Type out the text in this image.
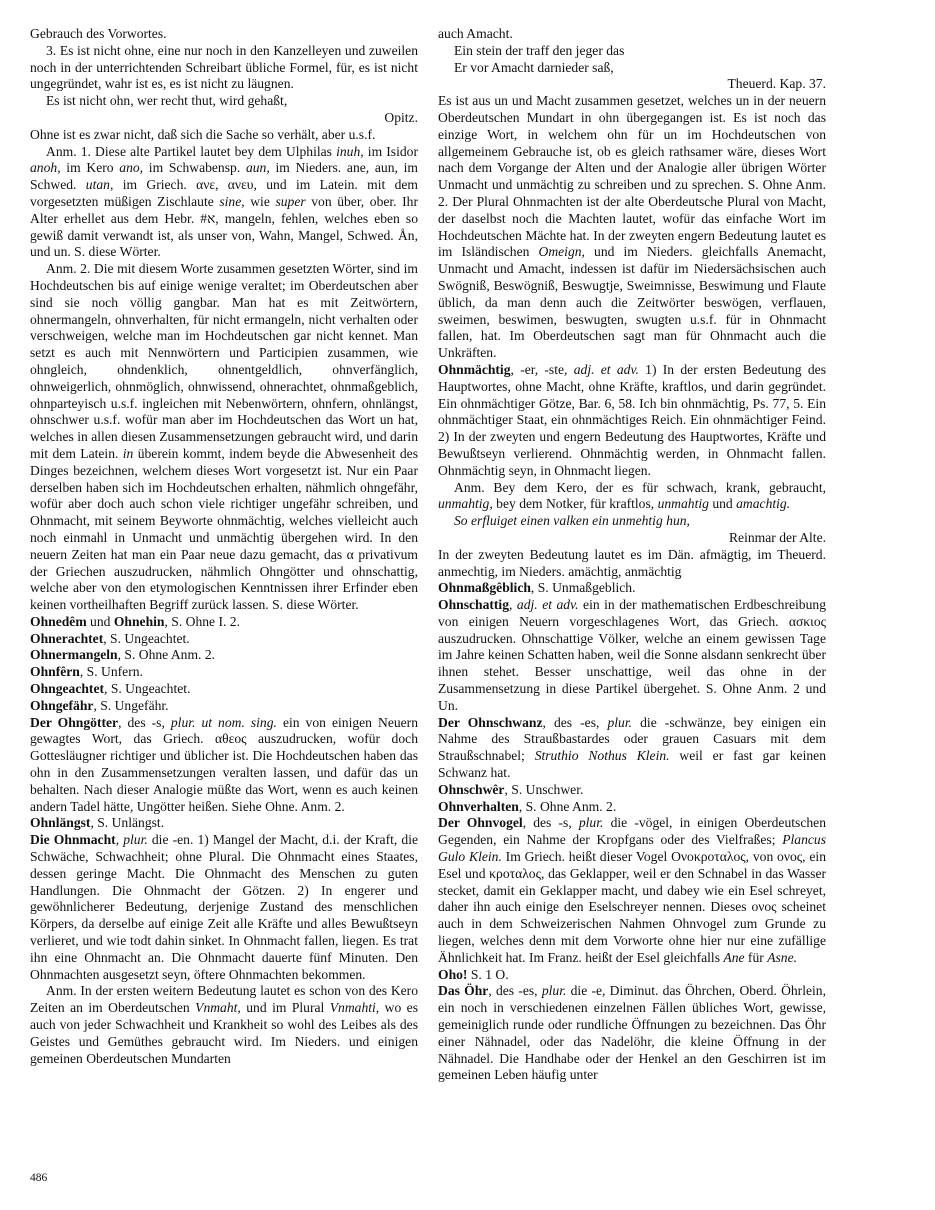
Gebrauch des Vorwortes.

3. Es ist nicht ohne, eine nur noch in den Kanzelleyen und zuweilen noch in der unterrichtenden Schreibart übliche Formel, für, es ist nicht ungegründet, wahr ist es, es ist nicht zu läugnen.

Es ist nicht ohn, wer recht thut, wird gehaßt,

Opitz.

Ohne ist es zwar nicht, daß sich die Sache so verhält, aber u.s.f.

Anm. 1. Diese alte Partikel lautet bey dem Ulphilas inuh, im Isidor anoh, im Kero ano, im Schwabensp. aun, im Nieders. ane, aun, im Schwed. utan, im Griech. ανε, ανευ, und im Latein. mit dem vorgesetzten müßigen Zischlaute sine, wie super von über, ober. Ihr Alter erhellet aus dem Hebr. ‎א#‏, mangeln, fehlen, welches eben so gewiß damit verwandt ist, als unser von, Wahn, Mangel, Schwed. Ån, und un. S. diese Wörter.

Anm. 2. Die mit diesem Worte zusammen gesetzten Wörter, sind im Hochdeutschen bis auf einige wenige veraltet; im Oberdeutschen aber sind sie noch völlig gangbar. Man hat es mit Zeitwörtern, ohnermangeln, ohnverhalten, für nicht ermangeln, nicht verhalten oder verschweigen, welche man im Hochdeutschen gar nicht kennet. Man setzt es auch mit Nennwörtern und Participien zusammen, wie ohngleich, ohndenklich, ohnentgeldlich, ohnverfänglich, ohnweigerlich, ohnmöglich, ohnwissend, ohnerachtet, ohnmaßgeblich, ohnparteyisch u.s.f. ingleichen mit Nebenwörtern, ohnfern, ohnlängst, ohnschwer u.s.f. wofür man aber im Hochdeutschen das Wort un hat, welches in allen diesen Zusammensetzungen gebraucht wird, und darin mit dem Latein. in überein kommt, indem beyde die Abwesenheit des Dinges bezeichnen, welchem dieses Wort vorgesetzt ist. Nur ein Paar derselben haben sich im Hochdeutschen erhalten, nähmlich ohngefähr, wofür aber doch auch schon viele richtiger ungefähr schreiben, und Ohnmacht, mit seinem Beyworte ohnmächtig, welches vielleicht auch noch einmahl in Unmacht und unmächtig übergehen wird. In den neuern Zeiten hat man ein Paar neue dazu gemacht, das α privativum der Griechen auszudrucken, nähmlich Ohngötter und ohnschattig, welche aber von den etymologischen Kenntnissen ihrer Erfinder eben keinen vortheilhaften Begriff zurück lassen. S. diese Wörter.

Ohnedêm und Ohnehin, S. Ohne I. 2.

Ohnerachtet, S. Ungeachtet.

Ohnermangeln, S. Ohne Anm. 2.

Ohnfêrn, S. Unfern.

Ohngeachtet, S. Ungeachtet.

Ohngefähr, S. Ungefähr.

Der Ohngötter, des -s, plur. ut nom. sing. ein von einigen Neuern gewagtes Wort, das Griech. αθεος auszudrucken, wofür doch Gottesläugner richtiger und üblicher ist. Die Hochdeutschen haben das ohn in den Zusammensetzungen veralten lassen, und dafür das un behalten. Nach dieser Analogie müßte das Wort, wenn es auch keinen andern Tadel hätte, Ungötter heißen. Siehe Ohne. Anm. 2.

Ohnlängst, S. Unlängst.

Die Ohnmacht, plur. die -en. 1) Mangel der Macht, d.i. der Kraft, die Schwäche, Schwachheit; ohne Plural. Die Ohnmacht eines Staates, dessen geringe Macht. Die Ohnmacht des Menschen zu guten Handlungen. Die Ohnmacht der Götzen. 2) In engerer und gewöhnlicherer Bedeutung, derjenige Zustand des menschlichen Körpers, da derselbe auf einige Zeit alle Kräfte und alles Bewußtseyn verlieret, und wie todt dahin sinket. In Ohnmacht fallen, liegen. Es trat ihn eine Ohnmacht an. Die Ohnmacht dauerte fünf Minuten. Den Ohnmachten ausgesetzt seyn, öftere Ohnmachten bekommen.

Anm. In der ersten weitern Bedeutung lautet es schon von des Kero Zeiten an im Oberdeutschen Vnmaht, und im Plural Vnmahti, wo es auch von jeder Schwachheit und Krankheit so wohl des Leibes als des Geistes und Gemüthes gebraucht wird. Im Nieders. und einigen gemeinen Oberdeutschen Mundarten

auch Amacht.

Ein stein der traff den jeger das

Er vor Amacht darnieder saß,

Theuerd. Kap. 37.

Es ist aus un und Macht zusammen gesetzet, welches un in der neuern Oberdeutschen Mundart in ohn übergegangen ist. Es ist noch das einzige Wort, in welchem ohn für un im Hochdeutschen von allgemeinem Gebrauche ist, ob es gleich rathsamer wäre, dieses Wort nach dem Vorgange der Alten und der Analogie aller übrigen Wörter Unmacht und unmächtig zu schreiben und zu sprechen. S. Ohne Anm. 2. Der Plural Ohnmachten ist der alte Oberdeutsche Plural von Macht, der daselbst noch die Machten lautet, wofür das einfache Wort im Hochdeutschen Mächte hat. In der zweyten engern Bedeutung lautet es im Isländischen Omeign, und im Nieders. gleichfalls Anemacht, Unmacht und Amacht, indessen ist dafür im Niedersächsischen auch Swögniß, Beswögniß, Beswugtje, Sweimnisse, Beswimung und Flaute üblich, da man denn auch die Zeitwörter beswögen, verflauen, sweimen, beswimen, beswugten, swugten u.s.f. für in Ohnmacht fallen, hat. Im Oberdeutschen sagt man für Ohnmacht auch die Unkräften.

Ohnmächtig, -er, -ste, adj. et adv. 1) In der ersten Bedeutung des Hauptwortes, ohne Macht, ohne Kräfte, kraftlos, und darin gegründet. Ein ohnmächtiger Götze, Bar. 6, 58. Ich bin ohnmächtig, Ps. 77, 5. Ein ohnmächtiger Staat, ein ohnmächtiges Reich. Ein ohnmächtiger Feind. 2) In der zweyten und engern Bedeutung des Hauptwortes, Kräfte und Bewußtseyn verlierend. Ohnmächtig werden, in Ohnmacht fallen. Ohnmächtig seyn, in Ohnmacht liegen.

Anm. Bey dem Kero, der es für schwach, krank, gebraucht, unmahtig, bey dem Notker, für kraftlos, unmahtig und amachtig.

So erfluiget einen valken ein unmehtig hun,

Reinmar der Alte.

In der zweyten Bedeutung lautet es im Dän. afmägtig, im Theuerd. anmechtig, im Nieders. amächtig, anmächtig

Ohnmaßgêblich, S. Unmaßgeblich.

Ohnschattig, adj. et adv. ein in der mathematischen Erdbeschreibung von einigen Neuern vorgeschlagenes Wort, das Griech. ασκιος auszudrucken. Ohnschattige Völker, welche an einem gewissen Tage im Jahre keinen Schatten haben, weil die Sonne alsdann senkrecht über ihnen stehet. Besser unschattige, weil das ohne in der Zusammensetzung in diese Partikel übergehet. S. Ohne Anm. 2 und Un.

Der Ohnschwanz, des -es, plur. die -schwänze, bey einigen ein Nahme des Straußbastardes oder grauen Casuars mit dem Straußschnabel; Struthio Nothus Klein. weil er fast gar keinen Schwanz hat.

Ohnschwêr, S. Unschwer.

Ohnverhalten, S. Ohne Anm. 2.

Der Ohnvogel, des -s, plur. die -vögel, in einigen Oberdeutschen Gegenden, ein Nahme der Kropfgans oder des Vielfraßes; Plancus Gulo Klein. Im Griech. heißt dieser Vogel Ονοκροταλος, von ονος, ein Esel und κροταλος, das Geklapper, weil er den Schnabel in das Wasser stecket, damit ein Geklapper macht, und dabey wie ein Esel schreyet, daher ihn auch einige den Eselschreyer nennen. Dieses ονος scheinet auch in dem Schweizerischen Nahmen Ohnvogel zum Grunde zu liegen, welches denn mit dem Vorworte ohne hier nur eine zufällige Ähnlichkeit hat. Im Franz. heißt der Esel gleichfalls Ane für Asne.

Oho! S. 1 O.

Das Öhr, des -es, plur. die -e, Diminut. das Öhrchen, Oberd. Öhrlein, ein noch in verschiedenen einzelnen Fällen übliches Wort, gewisse, gemeiniglich runde oder rundliche Öffnungen zu bezeichnen. Das Öhr einer Nähnadel, oder das Nadelöhr, die kleine Öffnung in der Nähnadel. Die Handhabe oder der Henkel an den Geschirren ist im gemeinen Leben häufig unter

486
